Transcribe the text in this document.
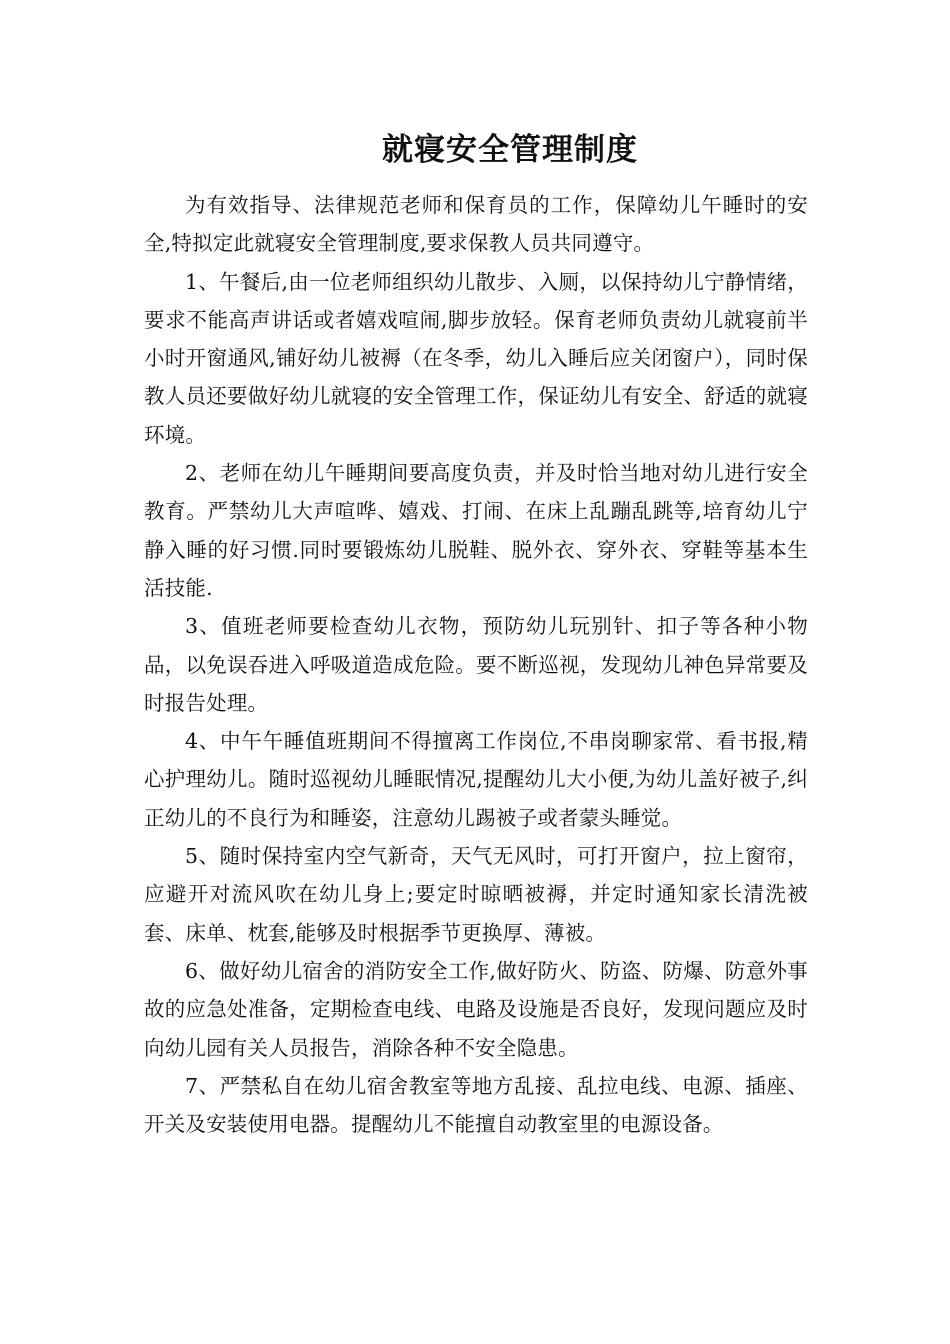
就寝安全管理制度

为有效指导、法律规范老师和保育员的工作，保障幼儿午睡时的安全,特拟定此就寝安全管理制度,要求保教人员共同遵守。

1、午餐后,由一位老师组织幼儿散步、入厕，以保持幼儿宁静情绪，要求不能高声讲话或者嬉戏喧闹,脚步放轻。保育老师负责幼儿就寝前半小时开窗通风,铺好幼儿被褥（在冬季，幼儿入睡后应关闭窗户），同时保教人员还要做好幼儿就寝的安全管理工作，保证幼儿有安全、舒适的就寝环境。

2、老师在幼儿午睡期间要高度负责，并及时恰当地对幼儿进行安全教育。严禁幼儿大声喧哗、嬉戏、打闹、在床上乱蹦乱跳等,培育幼儿宁静入睡的好习惯.同时要锻炼幼儿脱鞋、脱外衣、穿外衣、穿鞋等基本生活技能.

3、值班老师要检查幼儿衣物，预防幼儿玩别针、扣子等各种小物品，以免误吞进入呼吸道造成危险。要不断巡视，发现幼儿神色异常要及时报告处理。

4、中午午睡值班期间不得擅离工作岗位,不串岗聊家常、看书报,精心护理幼儿。随时巡视幼儿睡眠情况,提醒幼儿大小便,为幼儿盖好被子,纠正幼儿的不良行为和睡姿，注意幼儿踢被子或者蒙头睡觉。

5、随时保持室内空气新奇，天气无风时，可打开窗户，拉上窗帘，应避开对流风吹在幼儿身上;要定时晾晒被褥，并定时通知家长清洗被套、床单、枕套,能够及时根据季节更换厚、薄被。

6、做好幼儿宿舍的消防安全工作,做好防火、防盗、防爆、防意外事故的应急处准备，定期检查电线、电路及设施是否良好，发现问题应及时向幼儿园有关人员报告，消除各种不安全隐患。

7、严禁私自在幼儿宿舍教室等地方乱接、乱拉电线、电源、插座、开关及安装使用电器。提醒幼儿不能擅自动教室里的电源设备。
